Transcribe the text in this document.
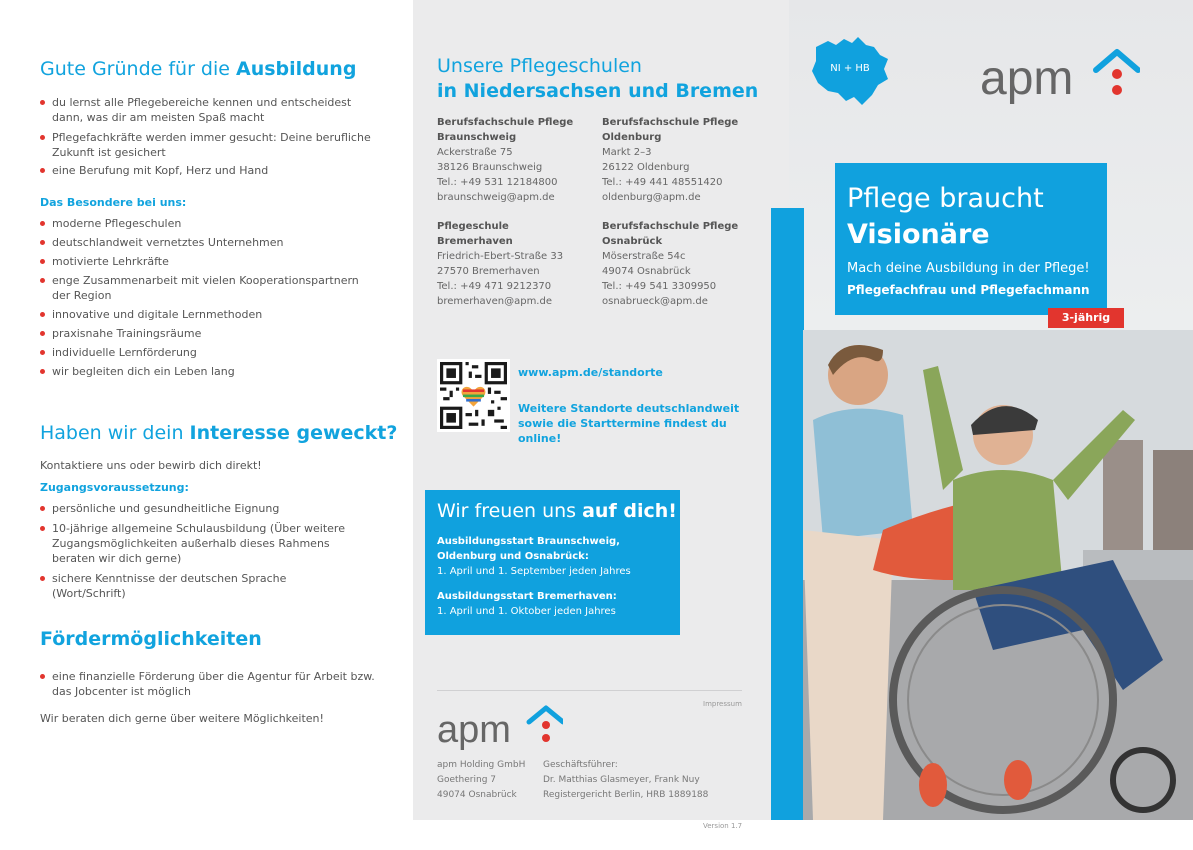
Gute Gründe für die Ausbildung
du lernst alle Pflegebereiche kennen und entscheidest dann, was dir am meisten Spaß macht
Pflegefachkräfte werden immer gesucht: Deine berufliche Zukunft ist gesichert
eine Berufung mit Kopf, Herz und Hand
Das Besondere bei uns:
moderne Pflegeschulen
deutschlandweit vernetztes Unternehmen
motivierte Lehrkräfte
enge Zusammenarbeit mit vielen Kooperationspartnern der Region
innovative und digitale Lernmethoden
praxisnahe Trainingsräume
individuelle Lernförderung
wir begleiten dich ein Leben lang
Haben wir dein Interesse geweckt?
Kontaktiere uns oder bewirb dich direkt!
Zugangsvoraussetzung:
persönliche und gesundheitliche Eignung
10-jährige allgemeine Schulausbildung (Über weitere Zugangsmöglichkeiten außerhalb dieses Rahmens beraten wir dich gerne)
sichere Kenntnisse der deutschen Sprache (Wort/Schrift)
Fördermöglichkeiten
eine finanzielle Förderung über die Agentur für Arbeit bzw. das Jobcenter ist möglich
Wir beraten dich gerne über weitere Möglichkeiten!
Unsere Pflegeschulen
in Niedersachsen und Bremen
Berufsfachschule Pflege Braunschweig
Ackerstraße 75
38126 Braunschweig
Tel.: +49 531 12184800
braunschweig@apm.de
Berufsfachschule Pflege Oldenburg
Markt 2–3
26122 Oldenburg
Tel.: +49 441 48551420
oldenburg@apm.de
Pflegeschule Bremerhaven
Friedrich-Ebert-Straße 33
27570 Bremerhaven
Tel.: +49 471 9212370
bremerhaven@apm.de
Berufsfachschule Pflege Osnabrück
Möserstraße 54c
49074 Osnabrück
Tel.: +49 541 3309950
osnabrueck@apm.de
www.apm.de/standorte
Weitere Standorte deutschlandweit sowie die Starttermine findest du online!
Wir freuen uns auf dich!
Ausbildungsstart Braunschweig, Oldenburg und Osnabrück:
1. April und 1. September jeden Jahres
Ausbildungsstart Bremerhaven:
1. April und 1. Oktober jeden Jahres
Impressum
apm
apm Holding GmbH
Goethering 7
49074 Osnabrück
Geschäftsführer:
Dr. Matthias Glasmeyer, Frank Nuy
Registergericht Berlin, HRB 1889188
Version 1.7
NI + HB apm
Pflege braucht
Visionäre
Mach deine Ausbildung in der Pflege!
Pflegefachfrau und Pflegefachmann
3-jährig
